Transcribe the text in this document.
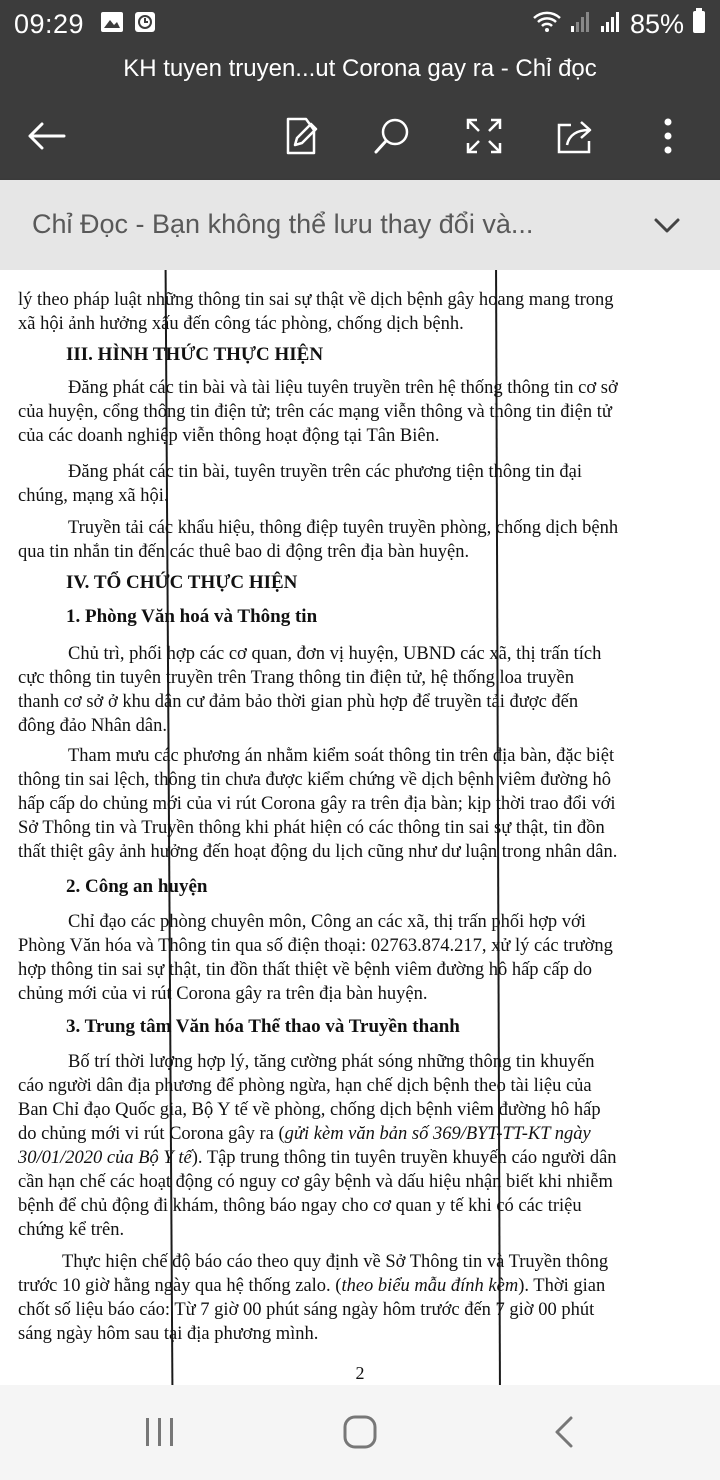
09:29	85%
KH tuyen truyen...ut Corona gay ra - Chỉ đọc
Chỉ Đọc - Bạn không thể lưu thay đổi và...
lý theo pháp luật những thông tin sai sự thật về dịch bệnh gây hoang mang trong
xã hội ảnh hưởng xấu đến công tác phòng, chống dịch bệnh.
III. HÌNH THỨC THỰC HIỆN
Đăng phát các tin bài và tài liệu tuyên truyền trên hệ thống thông tin cơ sở
của huyện, cổng thông tin điện tử; trên các mạng viễn thông và thông tin điện tử
của các doanh nghiệp viễn thông hoạt động tại Tân Biên.
Đăng phát các tin bài, tuyên truyền trên các phương tiện thông tin đại
chúng, mạng xã hội.
Truyền tải các khẩu hiệu, thông điệp tuyên truyền phòng, chống dịch bệnh
qua tin nhắn tin đến các thuê bao di động trên địa bàn huyện.
IV. TỔ CHỨC THỰC HIỆN
1. Phòng Văn hoá và Thông tin
Chủ trì, phối hợp các cơ quan, đơn vị huyện, UBND các xã, thị trấn tích
cực thông tin tuyên truyền trên Trang thông tin điện tử, hệ thống loa truyền
thanh cơ sở ở khu dân cư đảm bảo thời gian phù hợp để truyền tải được đến
đông đảo Nhân dân.
Tham mưu các phương án nhằm kiểm soát thông tin trên địa bàn, đặc biệt
thông tin sai lệch, thông tin chưa được kiểm chứng về dịch bệnh viêm đường hô
hấp cấp do chủng mới của vi rút Corona gây ra trên địa bàn; kịp thời trao đổi với
Sở Thông tin và Truyền thông khi phát hiện có các thông tin sai sự thật, tin đồn
thất thiệt gây ảnh hưởng đến hoạt động du lịch cũng như dư luận trong nhân dân.
2. Công an huyện
Chỉ đạo các phòng chuyên môn, Công an các xã, thị trấn phối hợp với
Phòng Văn hóa và Thông tin qua số điện thoại: 02763.874.217, xử lý các trường
hợp thông tin sai sự thật, tin đồn thất thiệt về bệnh viêm đường hô hấp cấp do
chủng mới của vi rút Corona gây ra trên địa bàn huyện.
3. Trung tâm Văn hóa Thể thao và Truyền thanh
Bố trí thời lượng hợp lý, tăng cường phát sóng những thông tin khuyến
cáo người dân địa phương để phòng ngừa, hạn chế dịch bệnh theo tài liệu của
Ban Chỉ đạo Quốc gia, Bộ Y tế về phòng, chống dịch bệnh viêm đường hô hấp
do chủng mới vi rút Corona gây ra (gửi kèm văn bản số 369/BYT-TT-KT ngày
30/01/2020 của Bộ Y tế). Tập trung thông tin tuyên truyền khuyến cáo người dân
cần hạn chế các hoạt động có nguy cơ gây bệnh và dấu hiệu nhận biết khi nhiễm
bệnh để chủ động đi khám, thông báo ngay cho cơ quan y tế khi có các triệu
chứng kể trên.
Thực hiện chế độ báo cáo theo quy định về Sở Thông tin và Truyền thông
trước 10 giờ hằng ngày qua hệ thống zalo. (theo biểu mẫu đính kèm). Thời gian
chốt số liệu báo cáo: Từ 7 giờ 00 phút sáng ngày hôm trước đến 7 giờ 00 phút
sáng ngày hôm sau tại địa phương mình.
2
